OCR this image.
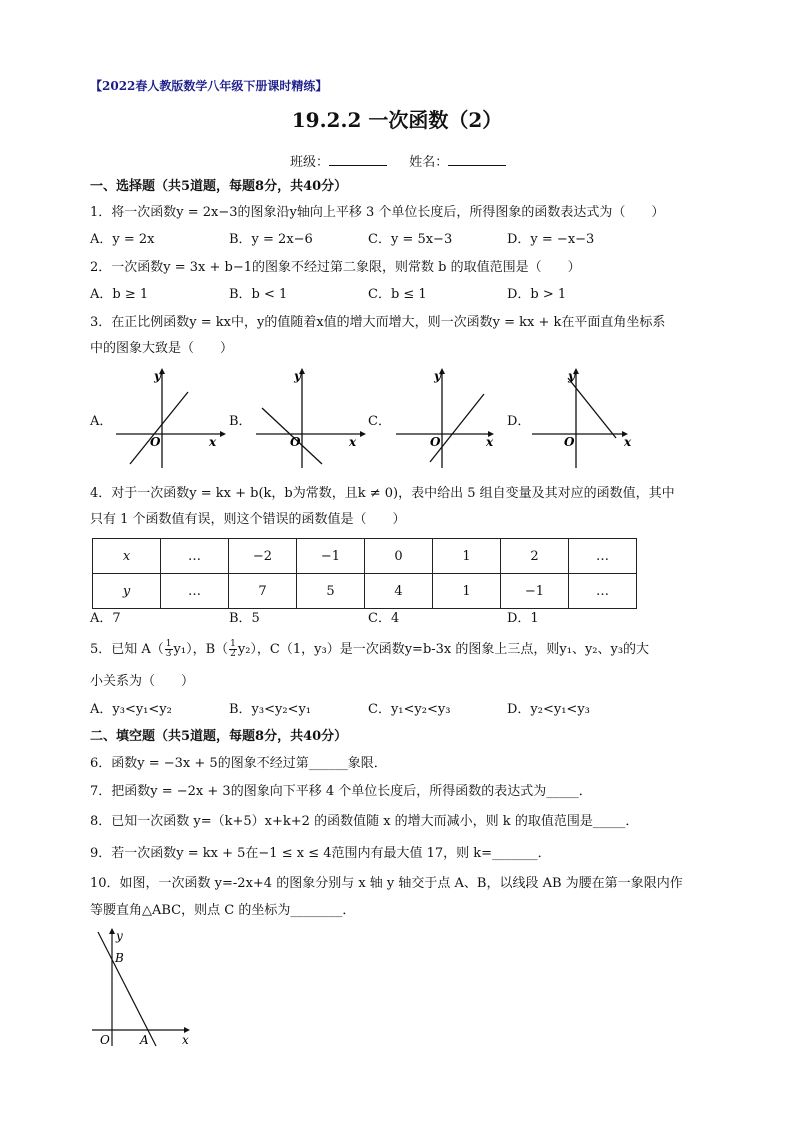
【2022春人教版数学八年级下册课时精练】
19.2.2 一次函数（2）
班级：	姓名：
一、选择题（共5道题，每题8分，共40分）
1．将一次函数y = 2x−3的图象沿y轴向上平移 3 个单位长度后，所得图象的函数表达式为（　　）
A．y = 2x	B．y = 2x−6	C．y = 5x−3	D．y = −x−3
2．一次函数y = 3x + b−1的图象不经过第二象限，则常数 b 的取值范围是（　　）
A．b ≥ 1	B．b < 1	C．b ≤ 1	D．b > 1
3．在正比例函数y = kx中，y的值随着x值的增大而增大，则一次函数y = kx + k在平面直角坐标系
中的图象大致是（　　）
A．
y
x
O
B．
y
x
O
C．
y
x
O
D．
y
x
O
4．对于一次函数y = kx + b(k，b为常数，且k ≠ 0)，表中给出 5 组自变量及其对应的函数值，其中
只有 1 个函数值有误，则这个错误的函数值是（　　）
x	…	−2	−1	0	1	2	…
y	…	7	5	4	1	−1	…
A．7	B．5	C．4	D．1
5．已知 $A( \frac{1}{3} y_1)$，$B( \frac{1}{2} y_2)$，C（1，y₃）是一次函数y=b-3x 的图象上三点，则y₁、y₂、y₃的大
小关系为（　　）
A．y₃<y₁<y₂	B．y₃<y₂<y₁	C．y₁<y₂<y₃	D．y₂<y₁<y₃
二、填空题（共5道题，每题8分，共40分）
6．函数y = −3x + 5的图象不经过第______象限．
7．把函数y = −2x + 3的图象向下平移 4 个单位长度后，所得函数的表达式为_____．
8．已知一次函数 y=（k+5）x+k+2 的函数值随 x 的增大而减小，则 k 的取值范围是_____．
9．若一次函数y = kx + 5在−1 ≤ x ≤ 4范围内有最大值 17，则 k=_______．
10．如图，一次函数 y=-2x+4 的图象分别与 x 轴 y 轴交于点 A、B，以线段 AB 为腰在第一象限内作
等腰直角△ABC，则点 C 的坐标为________．
y
x
O	A
B
